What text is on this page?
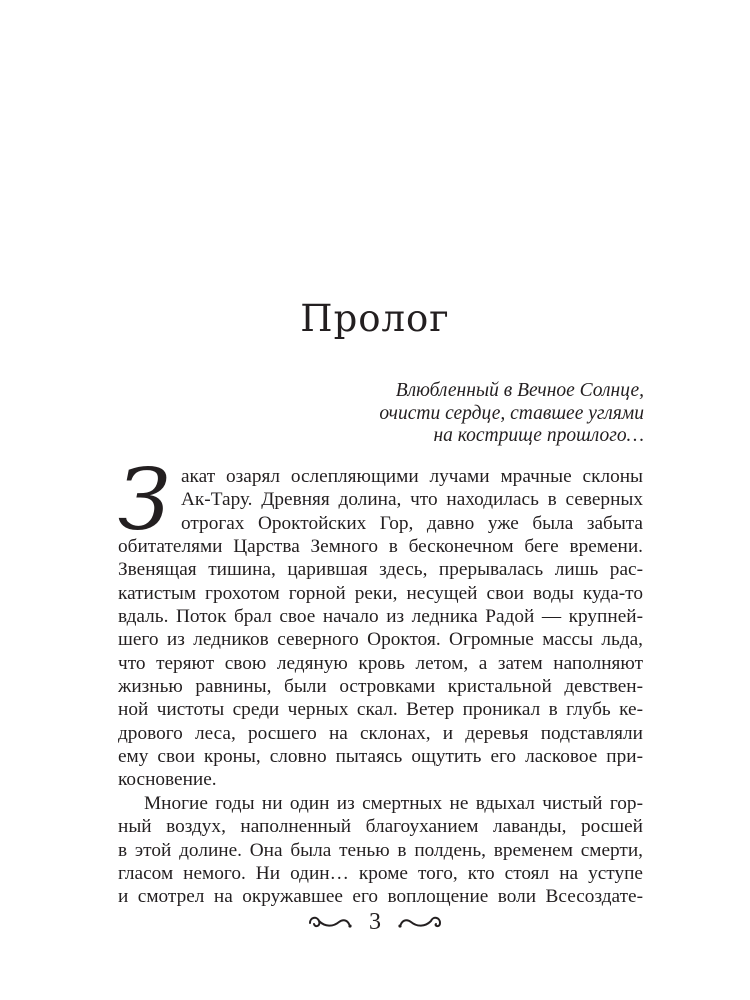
Пролог
Влюбленный в Вечное Солнце,
очисти сердце, ставшее углями
на кострище прошлого…
З акат озарял ослепляющими лучами мрачные склоны
Ак-Тару. Древняя долина, что находилась в северных
отрогах Ороктойских Гор, давно уже была забыта
обитателями Царства Земного в бесконечном беге времени.
Звенящая тишина, царившая здесь, прерывалась лишь рас-
катистым грохотом горной реки, несущей свои воды куда-то
вдаль. Поток брал свое начало из ледника Радой — крупней-
шего из ледников северного Ороктоя. Огромные массы льда,
что теряют свою ледяную кровь летом, а затем наполняют
жизнью равнины, были островками кристальной девствен-
ной чистоты среди черных скал. Ветер проникал в глубь ке-
дрового леса, росшего на склонах, и деревья подставляли
ему свои кроны, словно пытаясь ощутить его ласковое при-
косновение.
Многие годы ни один из смертных не вдыхал чистый гор-
ный воздух, наполненный благоуханием лаванды, росшей
в этой долине. Она была тенью в полдень, временем смерти,
гласом немого. Ни один… кроме того, кто стоял на уступе
и смотрел на окружавшее его воплощение воли Всесоздате-
3
